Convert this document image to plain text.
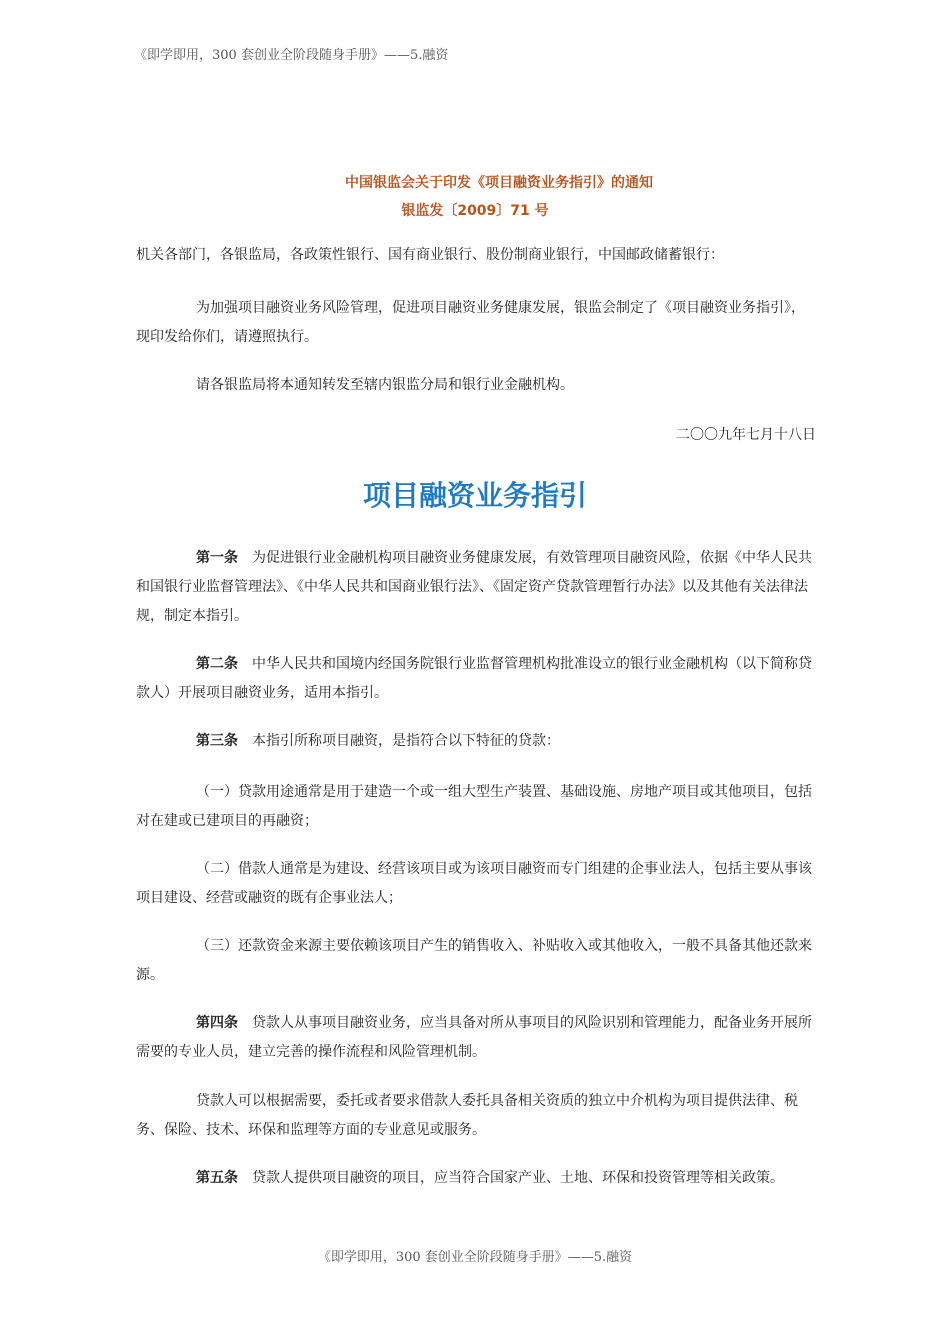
《即学即用，300 套创业全阶段随身手册》——5.融资
中国银监会关于印发《项目融资业务指引》的通知
银监发〔2009〕71 号
机关各部门，各银监局，各政策性银行、国有商业银行、股份制商业银行，中国邮政储蓄银行：
为加强项目融资业务风险管理，促进项目融资业务健康发展，银监会制定了《项目融资业务指引》，现印发给你们，请遵照执行。
请各银监局将本通知转发至辖内银监分局和银行业金融机构。
二〇〇九年七月十八日
项目融资业务指引
第一条 为促进银行业金融机构项目融资业务健康发展，有效管理项目融资风险，依据《中华人民共和国银行业监督管理法》、《中华人民共和国商业银行法》、《固定资产贷款管理暂行办法》以及其他有关法律法规，制定本指引。
第二条 中华人民共和国境内经国务院银行业监督管理机构批准设立的银行业金融机构（以下简称贷款人）开展项目融资业务，适用本指引。
第三条 本指引所称项目融资，是指符合以下特征的贷款：
（一）贷款用途通常是用于建造一个或一组大型生产装置、基础设施、房地产项目或其他项目，包括对在建或已建项目的再融资；
（二）借款人通常是为建设、经营该项目或为该项目融资而专门组建的企事业法人，包括主要从事该项目建设、经营或融资的既有企事业法人；
（三）还款资金来源主要依赖该项目产生的销售收入、补贴收入或其他收入，一般不具备其他还款来源。
第四条 贷款人从事项目融资业务，应当具备对所从事项目的风险识别和管理能力，配备业务开展所需要的专业人员，建立完善的操作流程和风险管理机制。
贷款人可以根据需要，委托或者要求借款人委托具备相关资质的独立中介机构为项目提供法律、税务、保险、技术、环保和监理等方面的专业意见或服务。
第五条 贷款人提供项目融资的项目，应当符合国家产业、土地、环保和投资管理等相关政策。
《即学即用，300 套创业全阶段随身手册》——5.融资
